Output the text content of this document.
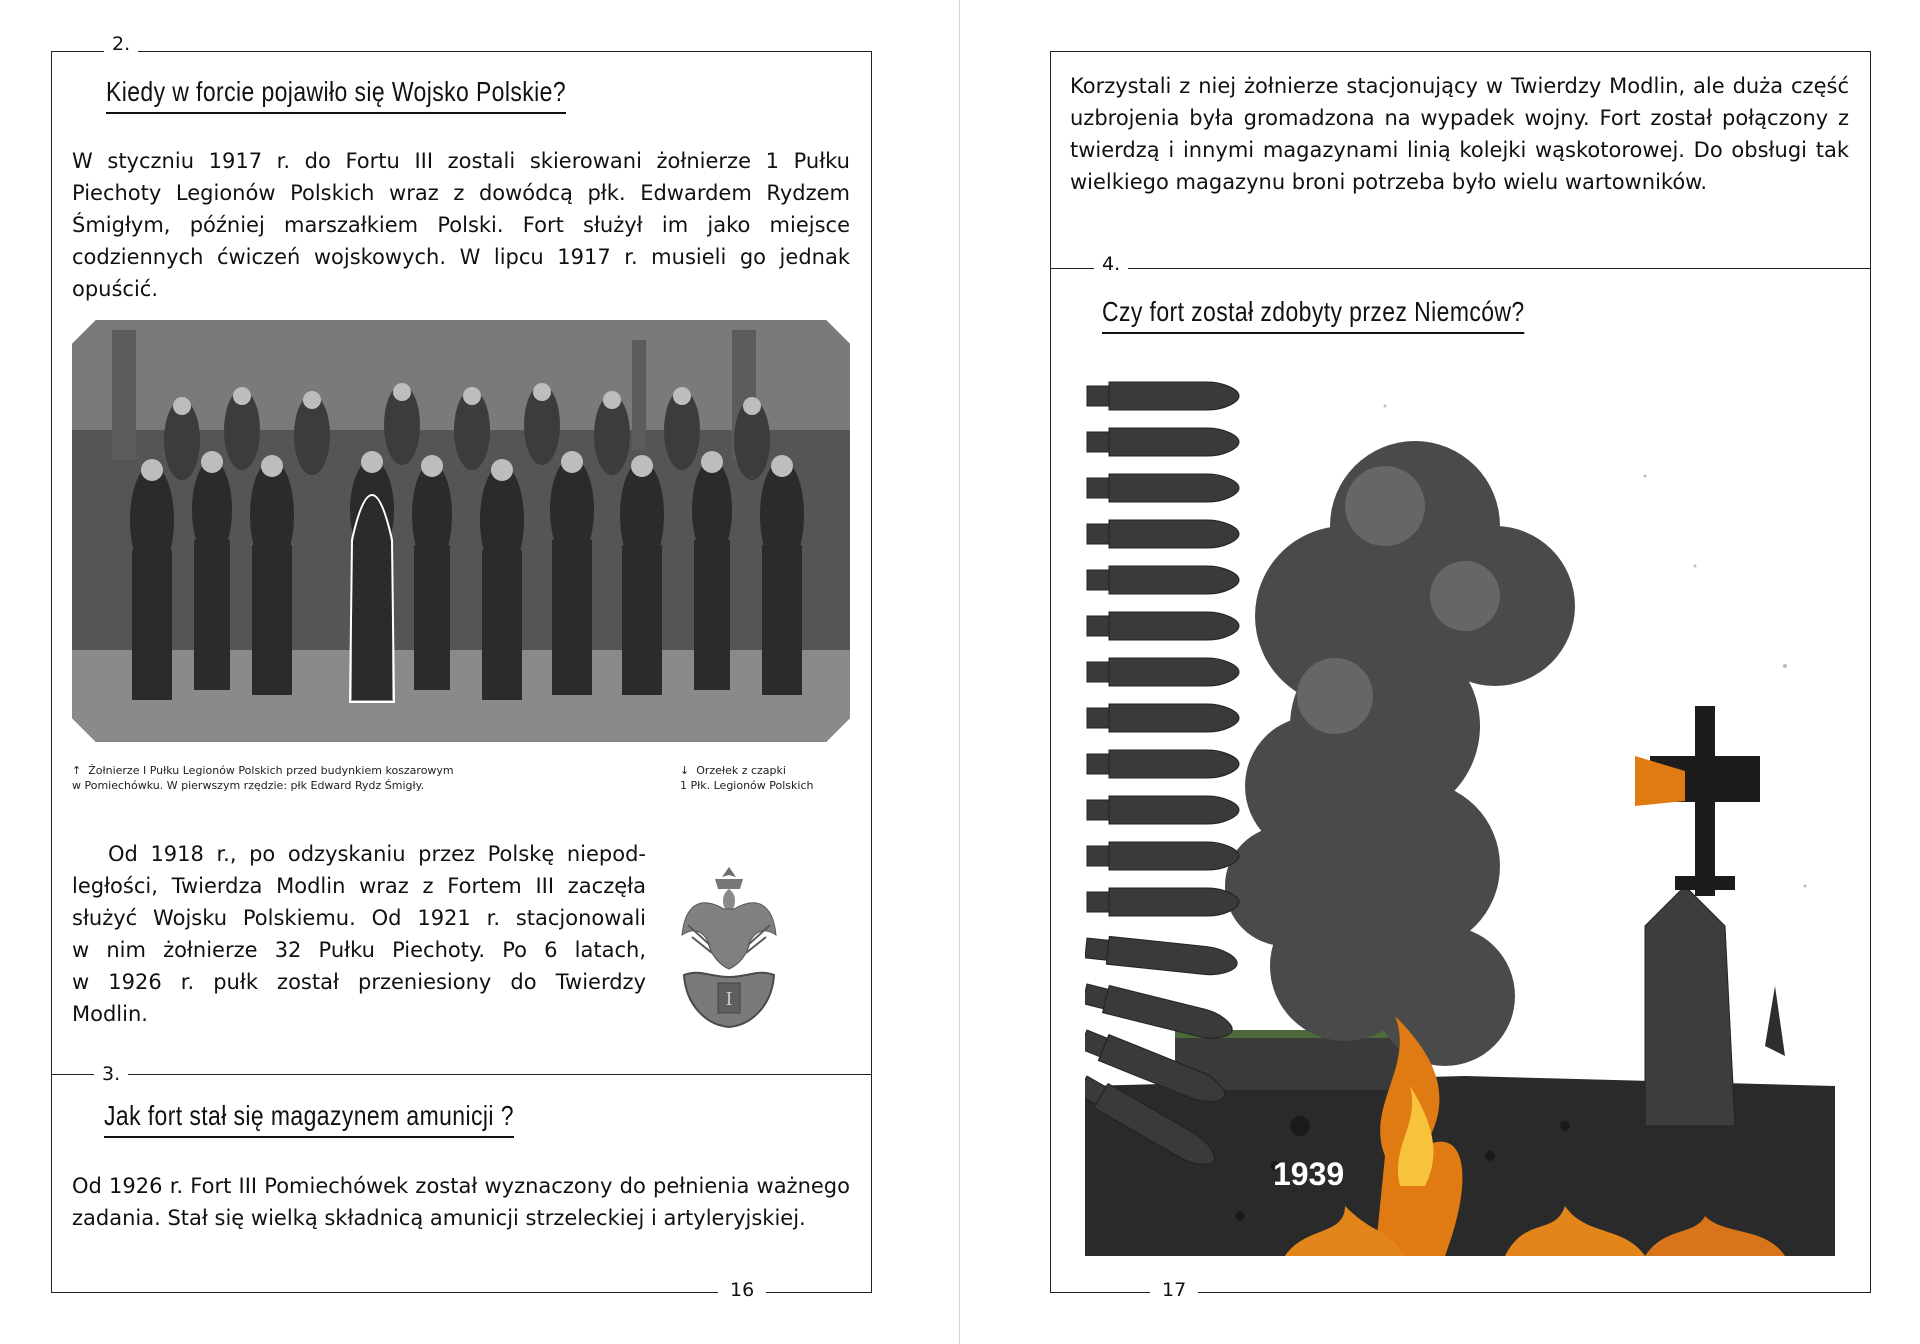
2.
Kiedy w forcie pojawiło się Wojsko Polskie?
W styczniu 1917 r. do Fortu III zostali skierowani żołnierze 1 Pułku Piechoty Legionów Polskich wraz z dowódcą płk. Edwardem Rydzem Śmigłym, później marszałkiem Polski. Fort służył im jako miejsce codziennych ćwiczeń wojskowych. W lipcu 1917 r. musieli go jednak opuścić.
↑ Żołnierze I Pułku Legionów Polskich przed budynkiem koszarowym
w Pomiechówku. W pierwszym rzędzie: płk Edward Rydz Śmigły.
↓ Orzełek z czapki
1 Płk. Legionów Polskich
Od 1918 r., po odzyskaniu przez Polskę niepod-
ległości, Twierdza Modlin wraz z Fortem III zaczęła
służyć Wojsku Polskiemu. Od 1921 r. stacjonowali
w nim żołnierze 32 Pułku Piechoty. Po 6 latach,
w 1926 r. pułk został przeniesiony do Twierdzy
Modlin.
I
3.
Jak fort stał się magazynem amunicji ?
Od 1926 r. Fort III Pomiechówek został wyznaczony do pełnienia ważnego zadania. Stał się wielką składnicą amunicji strzeleckiej i artyleryjskiej.
16
Korzystali z niej żołnierze stacjonujący w Twierdzy Modlin, ale duża część uzbrojenia była gromadzona na wypadek wojny. Fort został połączony z twierdzą i innymi magazynami linią kolejki wąskotorowej. Do obsługi tak wielkiego magazynu broni potrzeba było wielu wartowników.
4.
Czy fort został zdobyty przez Niemców?
1939
17
